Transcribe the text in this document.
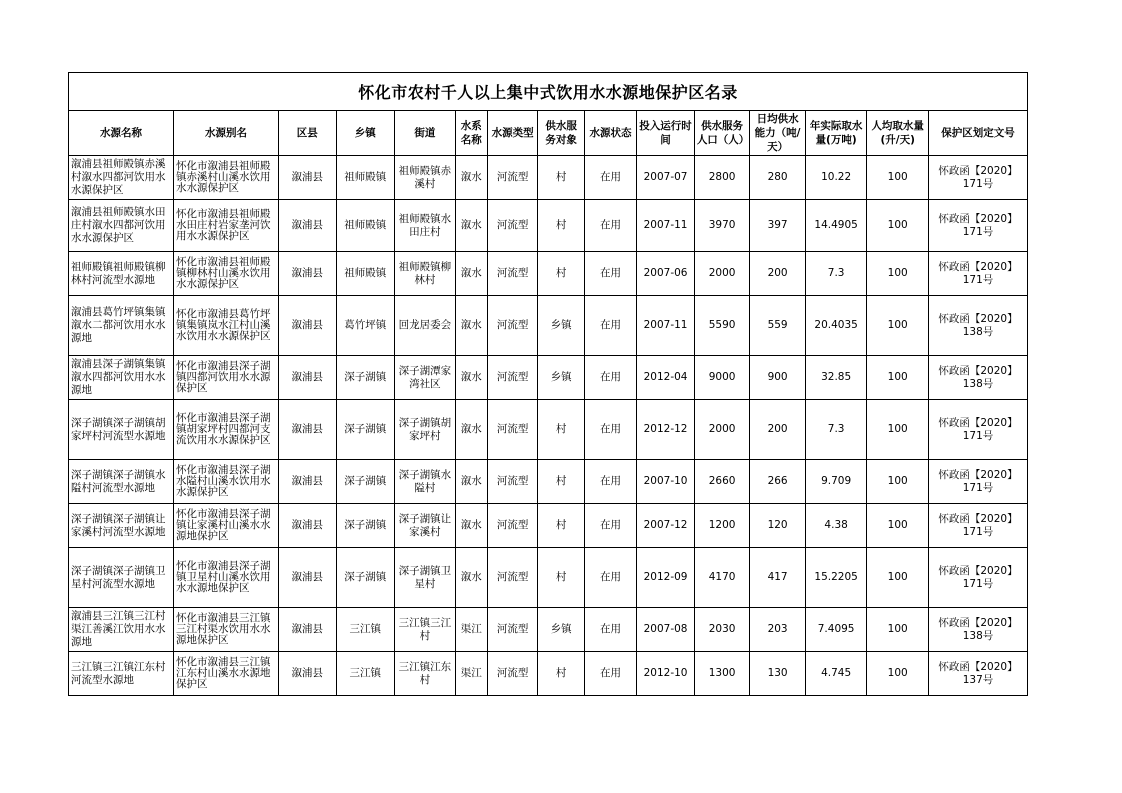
怀化市农村千人以上集中式饮用水水源地保护区名录
水源名称	水源别名	区县	乡镇	街道	水系名称	水源类型	供水服务对象	水源状态	投入运行时间	供水服务人口（人）	日均供水能力（吨/天）	年实际取水量(万吨)	人均取水量(升/天)	保护区划定文号
溆浦县祖师殿镇赤溪村溆水四都河饮用水水源保护区	怀化市溆浦县祖师殿镇赤溪村山溪水饮用水水源保护区	溆浦县	祖师殿镇	祖师殿镇赤溪村	溆水	河流型	村	在用	2007-07	2800	280	10.22	100	怀政函【2020】171号
溆浦县祖师殿镇水田庄村溆水四都河饮用水水源保护区	怀化市溆浦县祖师殿水田庄村岩家垄河饮用水水源保护区	溆浦县	祖师殿镇	祖师殿镇水田庄村	溆水	河流型	村	在用	2007-11	3970	397	14.4905	100	怀政函【2020】171号
祖师殿镇祖师殿镇柳林村河流型水源地	怀化市溆浦县祖师殿镇柳林村山溪水饮用水水源保护区	溆浦县	祖师殿镇	祖师殿镇柳林村	溆水	河流型	村	在用	2007-06	2000	200	7.3	100	怀政函【2020】171号
溆浦县葛竹坪镇集镇溆水二都河饮用水水源地	怀化市溆浦县葛竹坪镇集镇岚水江村山溪水饮用水水源保护区	溆浦县	葛竹坪镇	回龙居委会	溆水	河流型	乡镇	在用	2007-11	5590	559	20.4035	100	怀政函【2020】138号
溆浦县深子湖镇集镇溆水四都河饮用水水源地	怀化市溆浦县深子湖镇四都河饮用水水源保护区	溆浦县	深子湖镇	深子湖潭家湾社区	溆水	河流型	乡镇	在用	2012-04	9000	900	32.85	100	怀政函【2020】138号
深子湖镇深子湖镇胡家坪村河流型水源地	怀化市溆浦县深子湖镇胡家坪村四都河支流饮用水水源保护区	溆浦县	深子湖镇	深子湖镇胡家坪村	溆水	河流型	村	在用	2012-12	2000	200	7.3	100	怀政函【2020】171号
深子湖镇深子湖镇水隘村河流型水源地	怀化市溆浦县深子湖水隘村山溪水饮用水水源保护区	溆浦县	深子湖镇	深子湖镇水隘村	溆水	河流型	村	在用	2007-10	2660	266	9.709	100	怀政函【2020】171号
深子湖镇深子湖镇让家溪村河流型水源地	怀化市溆浦县深子湖镇让家溪村山溪水水源地保护区	溆浦县	深子湖镇	深子湖镇让家溪村	溆水	河流型	村	在用	2007-12	1200	120	4.38	100	怀政函【2020】171号
深子湖镇深子湖镇卫星村河流型水源地	怀化市溆浦县深子湖镇卫星村山溪水饮用水水源地保护区	溆浦县	深子湖镇	深子湖镇卫星村	溆水	河流型	村	在用	2012-09	4170	417	15.2205	100	怀政函【2020】171号
溆浦县三江镇三江村渠江善溪江饮用水水源地	怀化市溆浦县三江镇三江村渠水饮用水水源地保护区	溆浦县	三江镇	三江镇三江村	渠江	河流型	乡镇	在用	2007-08	2030	203	7.4095	100	怀政函【2020】138号
三江镇三江镇江东村河流型水源地	怀化市溆浦县三江镇江东村山溪水水源地保护区	溆浦县	三江镇	三江镇江东村	渠江	河流型	村	在用	2012-10	1300	130	4.745	100	怀政函【2020】137号
